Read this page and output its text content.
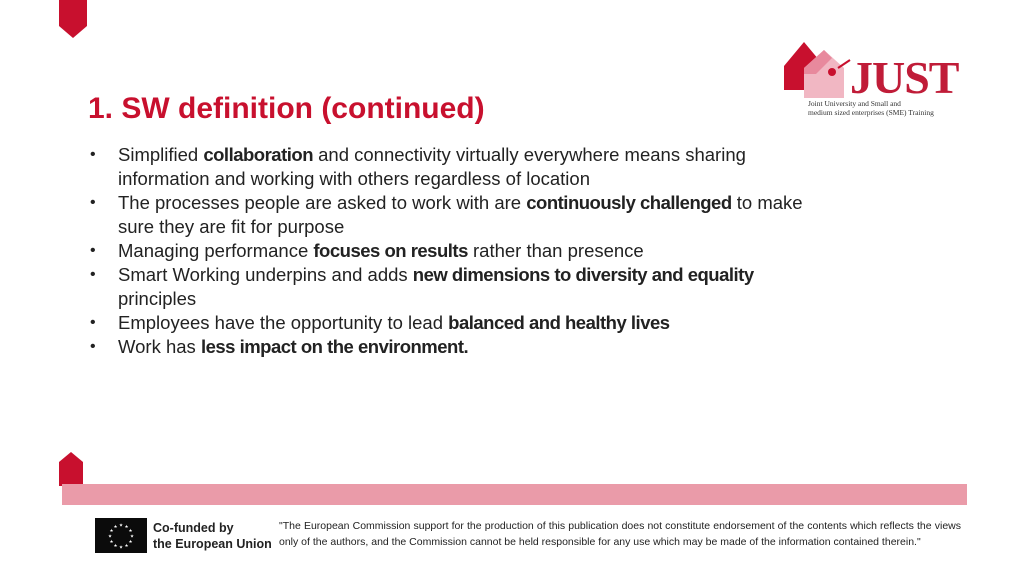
JUST
Joint University and Small and
medium sized enterprises (SME) Training
1. SW definition (continued)
• Simplified collaboration and connectivity virtually everywhere means sharing information and working with others regardless of location
• The processes people are asked to work with are continuously challenged to make sure they are fit for purpose
• Managing performance focuses on results rather than presence
• Smart Working underpins and adds new dimensions to diversity and equality principles
• Employees have the opportunity to lead balanced and healthy lives
• Work has less impact on the environment.
★
★
★
★
★
★
★
★
★ ★ ★
★ Co-funded by
the European Union

"The European Commission support for the production of this publication does not constitute endorsement of the contents which reflects the views only of the authors, and the Commission cannot be held responsible for any use which may be made of the information contained therein."
